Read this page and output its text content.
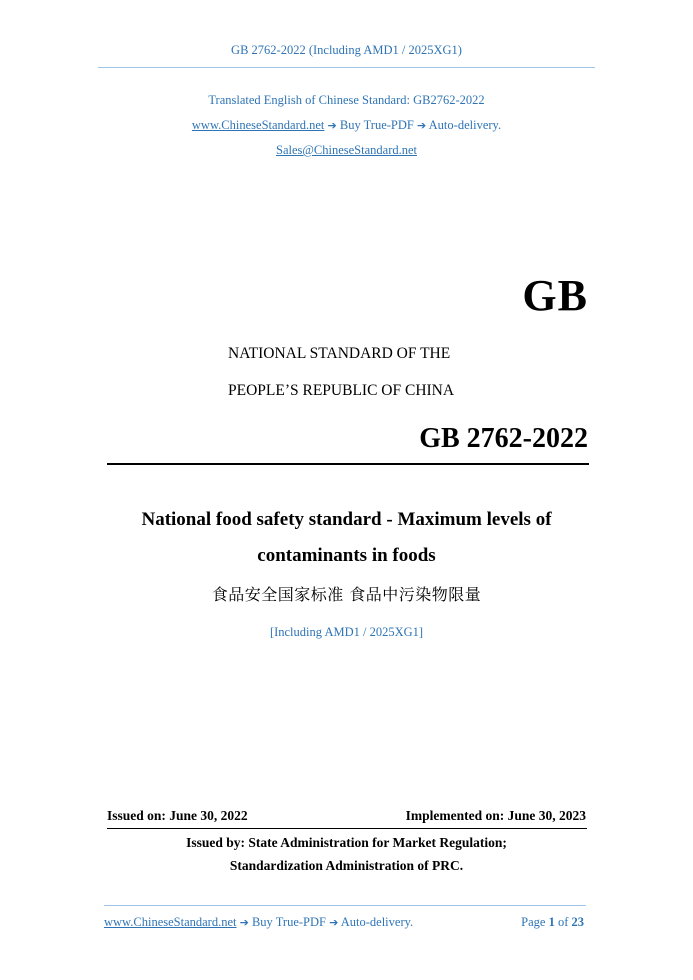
GB 2762-2022 (Including AMD1 / 2025XG1)
Translated English of Chinese Standard: GB2762-2022
www.ChineseStandard.net ➔ Buy True-PDF ➔ Auto-delivery.
Sales@ChineseStandard.net
GB
NATIONAL STANDARD OF THE
PEOPLE’S REPUBLIC OF CHINA
GB 2762-2022
National food safety standard - Maximum levels of
contaminants in foods
食品安全国家标准 食品中污染物限量
[Including AMD1 / 2025XG1]
Issued on: June 30, 2022	Implemented on: June 30, 2023
Issued by: State Administration for Market Regulation;
Standardization Administration of PRC.
www.ChineseStandard.net ➔ Buy True-PDF ➔ Auto-delivery.	Page 1 of 23
